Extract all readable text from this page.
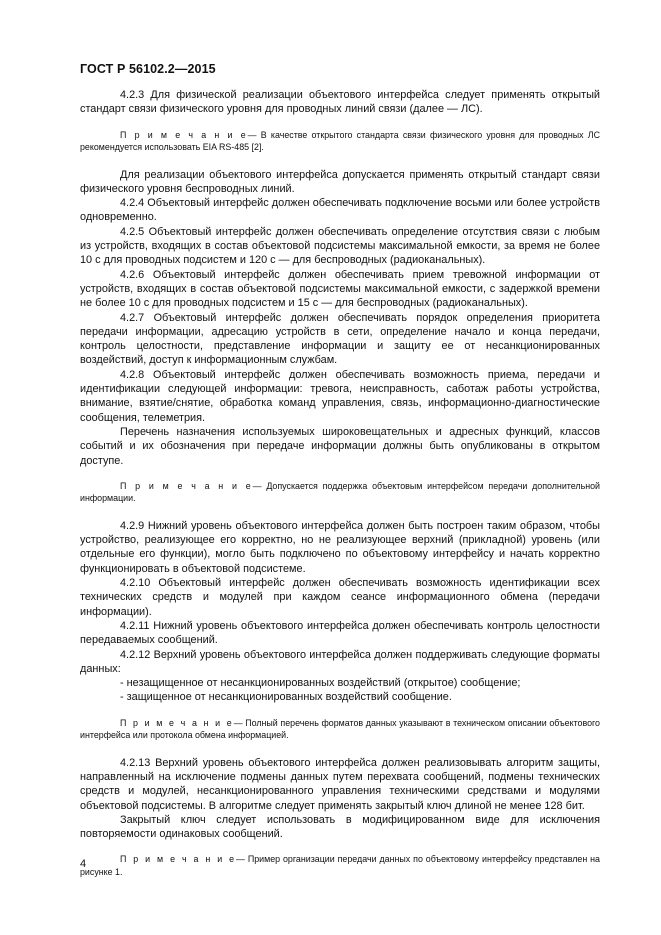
ГОСТ Р 56102.2—2015

4.2.3 Для физической реализации объектового интерфейса следует применять открытый стандарт связи физического уровня для проводных линий связи (далее — ЛС).

П р и м е ч а н и е— В качестве открытого стандарта связи физического уровня для проводных ЛС рекомендуется использовать EIA RS-485 [2].

Для реализации объектового интерфейса допускается применять открытый стандарт связи физического уровня беспроводных линий.

4.2.4 Объектовый интерфейс должен обеспечивать подключение восьми или более устройств одновременно.

4.2.5 Объектовый интерфейс должен обеспечивать определение отсутствия связи с любым из устройств, входящих в состав объектовой подсистемы максимальной емкости, за время не более 10 с для проводных подсистем и 120 с — для беспроводных (радиоканальных).

4.2.6 Объектовый интерфейс должен обеспечивать прием тревожной информации от устройств, входящих в состав объектовой подсистемы максимальной емкости, с задержкой времени не более 10 с для проводных подсистем и 15 с — для беспроводных (радиоканальных).

4.2.7 Объектовый интерфейс должен обеспечивать порядок определения приоритета передачи информации, адресацию устройств в сети, определение начало и конца передачи, контроль целостности, представление информации и защиту ее от несанкционированных воздействий, доступ к информационным службам.

4.2.8 Объектовый интерфейс должен обеспечивать возможность приема, передачи и идентификации следующей информации: тревога, неисправность, саботаж работы устройства, внимание, взятие/снятие, обработка команд управления, связь, информационно-диагностические сообщения, телеметрия.

Перечень назначения используемых широковещательных и адресных функций, классов событий и их обозначения при передаче информации должны быть опубликованы в открытом доступе.

П р и м е ч а н и е— Допускается поддержка объектовым интерфейсом передачи дополнительной информации.

4.2.9 Нижний уровень объектового интерфейса должен быть построен таким образом, чтобы устройство, реализующее его корректно, но не реализующее верхний (прикладной) уровень (или отдельные его функции), могло быть подключено по объектовому интерфейсу и начать корректно функционировать в объектовой подсистеме.

4.2.10 Объектовый интерфейс должен обеспечивать возможность идентификации всех технических средств и модулей при каждом сеансе информационного обмена (передачи информации).

4.2.11 Нижний уровень объектового интерфейса должен обеспечивать контроль целостности передаваемых сообщений.

4.2.12 Верхний уровень объектового интерфейса должен поддерживать следующие форматы данных:

- незащищенное от несанкционированных воздействий (открытое) сообщение;

- защищенное от несанкционированных воздействий сообщение.

П р и м е ч а н и е— Полный перечень форматов данных указывают в техническом описании объектового интерфейса или протокола обмена информацией.

4.2.13 Верхний уровень объектового интерфейса должен реализовывать алгоритм защиты, направленный на исключение подмены данных путем перехвата сообщений, подмены технических средств и модулей, несанкционированного управления техническими средствами и модулями объектовой подсистемы. В алгоритме следует применять закрытый ключ длиной не менее 128 бит.

Закрытый ключ следует использовать в модифицированном виде для исключения повторяемости одинаковых сообщений.

П р и м е ч а н и е— Пример организации передачи данных по объектовому интерфейсу представлен на рисунке 1.

4
